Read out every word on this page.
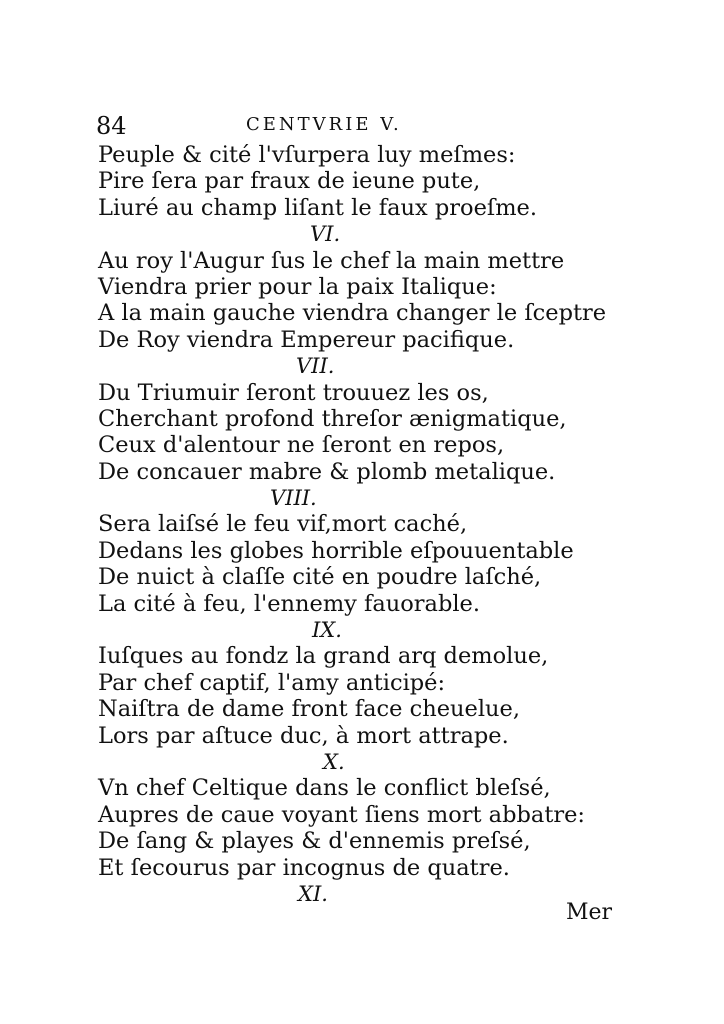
84	CENTVRIE V.
Peuple & cité l'vſurpera luy meſmes:
Pire ſera par fraux de ieune pute,
Liuré au champ liſant le faux proeſme.
VI.
Au roy l'Augur ſus le chef la main mettre
Viendra prier pour la paix Italique:
A la main gauche viendra changer le ſceptre
De Roy viendra Empereur pacifique.
VII.
Du Triumuir ſeront trouuez les os,
Cherchant profond threſor ænigmatique,
Ceux d'alentour ne ſeront en repos,
De concauer mabre & plomb metalique.
VIII.
Sera laiſsé le feu vif,mort caché,
Dedans les globes horrible eſpouuentable
De nuict à claſſe cité en poudre laſché,
La cité à feu, l'ennemy fauorable.
IX.
Iuſques au fondz la grand arq demolue,
Par chef captif, l'amy anticipé:
Naiſtra de dame front face cheuelue,
Lors par aſtuce duc, à mort attrape.
X.
Vn chef Celtique dans le conflict bleſsé,
Aupres de caue voyant ſiens mort abbatre:
De ſang & playes & d'ennemis preſsé,
Et ſecourus par incognus de quatre.
XI.
Mer
